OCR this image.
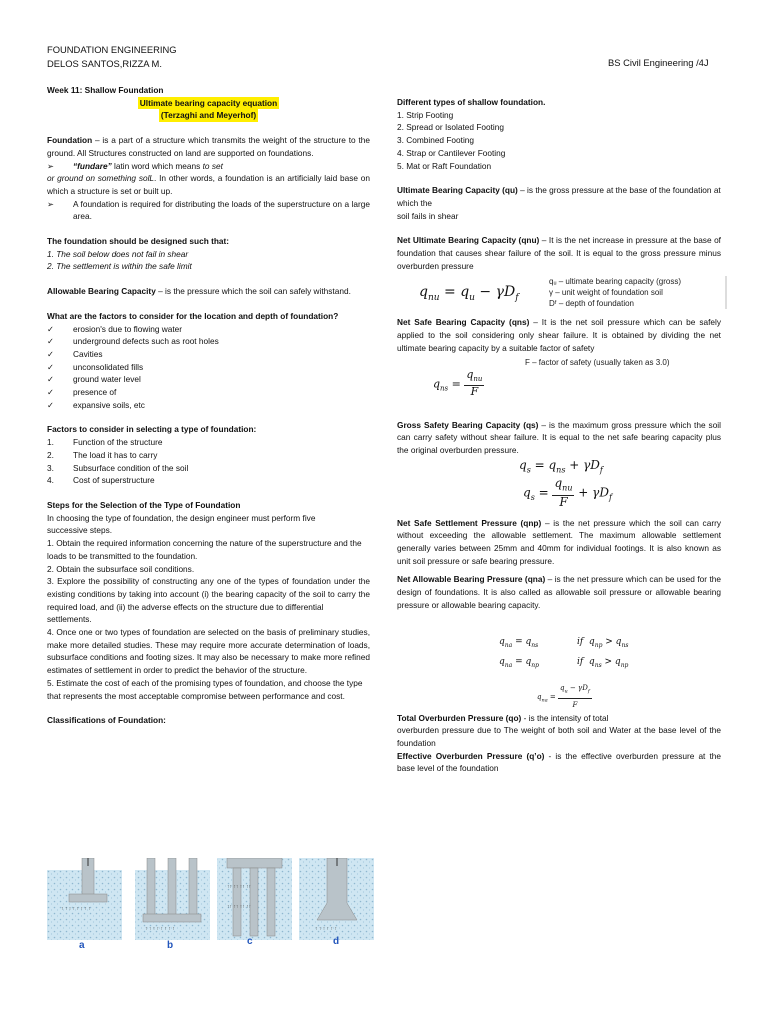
FOUNDATION ENGINEERING
DELOS SANTOS,RIZZA M.	BS Civil Engineering /4J

Week 11: Shallow Foundation

Ultimate bearing capacity equation
(Terzaghi and Meyerhof)

Foundation – is a part of a structure which transmits the weight of the structure to the ground. All Structures constructed on land are supported on foundations.

➢	“fundare” latin word which means to set

or ground on something solL. In other words, a foundation is an artificially laid base on which a structure is set or built up.

➢	A foundation is required for distributing the loads of the superstructure on a large area.

The foundation should be designed such that:

1. The soil below does not fail in shear

2. The settlement is within the safe limit

Allowable Bearing Capacity – is the pressure which the soil can safely withstand.

What are the factors to consider for the location and depth of foundation?

✓	erosion's due to flowing water
✓	underground defects such as root holes
✓	Cavities
✓	unconsolidated fills
✓	ground water level
✓	presence of
✓	expansive soils, etc

Factors to consider in selecting a type of foundation:

1.	Function of the structure
2.	The load it has to carry
3.	Subsurface condition of the soil
4.	Cost of superstructure

Steps for the Selection of the Type of Foundation

In choosing the type of foundation, the design engineer must perform five

successive steps.

1. Obtain the required information concerning the nature of the superstructure and the

loads to be transmitted to the foundation.

2. Obtain the subsurface soil conditions.

3. Explore the possibility of constructing any one of the types of foundation under the existing conditions by taking into account (i) the bearing capacity of the soil to carry the required load, and (ii) the adverse effects on the structure due to differential

settlements.

4. Once one or two types of foundation are selected on the basis of preliminary studies, make more detailed studies. These may require more accurate determination of loads, subsurface conditions and footing sizes. It may also be necessary to make more refined estimates of settlement in order to predict the behavior of the structure.

5. Estimate the cost of each of the promising types of foundation, and choose the type

that represents the most acceptable compromise between performance and cost.

Classifications of Foundation:

↑ ↑ ↑ ↑ ↑ ↑ ↑ ↑
↑ ↑ ↑ ↑ ↑ ↑ ↑ ↑
↑↑ ↑↑ ↑↑ ↑↑
↑↑ ↑↑ ↑↑ ↑↑
↑ ↑ ↑ ↑ ↑ ↑
a	b	c	d

Different types of shallow foundation.

1. Strip Footing

2. Spread or Isolated Footing

3. Combined Footing

4. Strap or Cantilever Footing

5. Mat or Raft Foundation

Ultimate Bearing Capacity (qu) – is the gross pressure at the base of the foundation at which the

soil fails in shear

Net Ultimate Bearing Capacity (qnu) – It is the net increase in pressure at the base of foundation that causes shear failure of the soil. It is equal to the gross pressure minus overburden pressure

$q_{nu} = q_u - \gamma D_f$
qᵤ – ultimate bearing capacity (gross)
γ – unit weight of foundation soil
Dᶠ – depth of foundation

Net Safe Bearing Capacity (qns) – It is the net soil pressure which can be safely applied to the soil considering only shear failure. It is obtained by dividing the net ultimate bearing capacity by a suitable factor of safety

F – factor of safety (usually taken as 3.0)
$q_{ns} = \frac{q_{nu}}{F}$

Gross Safety Bearing Capacity (qs) – is the maximum gross pressure which the soil can carry safety without shear failure. It is equal to the net safe bearing capacity plus the original overburden pressure.

$q_s = q_{ns} + \gamma D_f$
$q_s = \frac{q_{nu}}{F} + \gamma D_f$

Net Safe Settlement Pressure (qnp) – is the net pressure which the soil can carry without exceeding the allowable settlement. The maximum allowable settlement generally varies between 25mm and 40mm for individual footings. It is also known as unit soil pressure or safe bearing pressure.

Net Allowable Bearing Pressure (qna) – is the net pressure which can be used for the design of foundations. It is also called as allowable soil pressure or allowable bearing pressure or allowable bearing capacity.

$q_{na} = q_{ns}$	if  $q_{np} > q_{ns}$
$q_{na} = q_{np}$	if  $q_{ns} > q_{np}$
$q_{na} = \frac{q_u - \gamma D_f}{F}$

Total Overburden Pressure (qo) - is the intensity of total

overburden pressure due to The weight of both soil and Water at the base level of the foundation

Effective Overburden Pressure (q’o) - is the effective overburden pressure at the base level of the foundation
